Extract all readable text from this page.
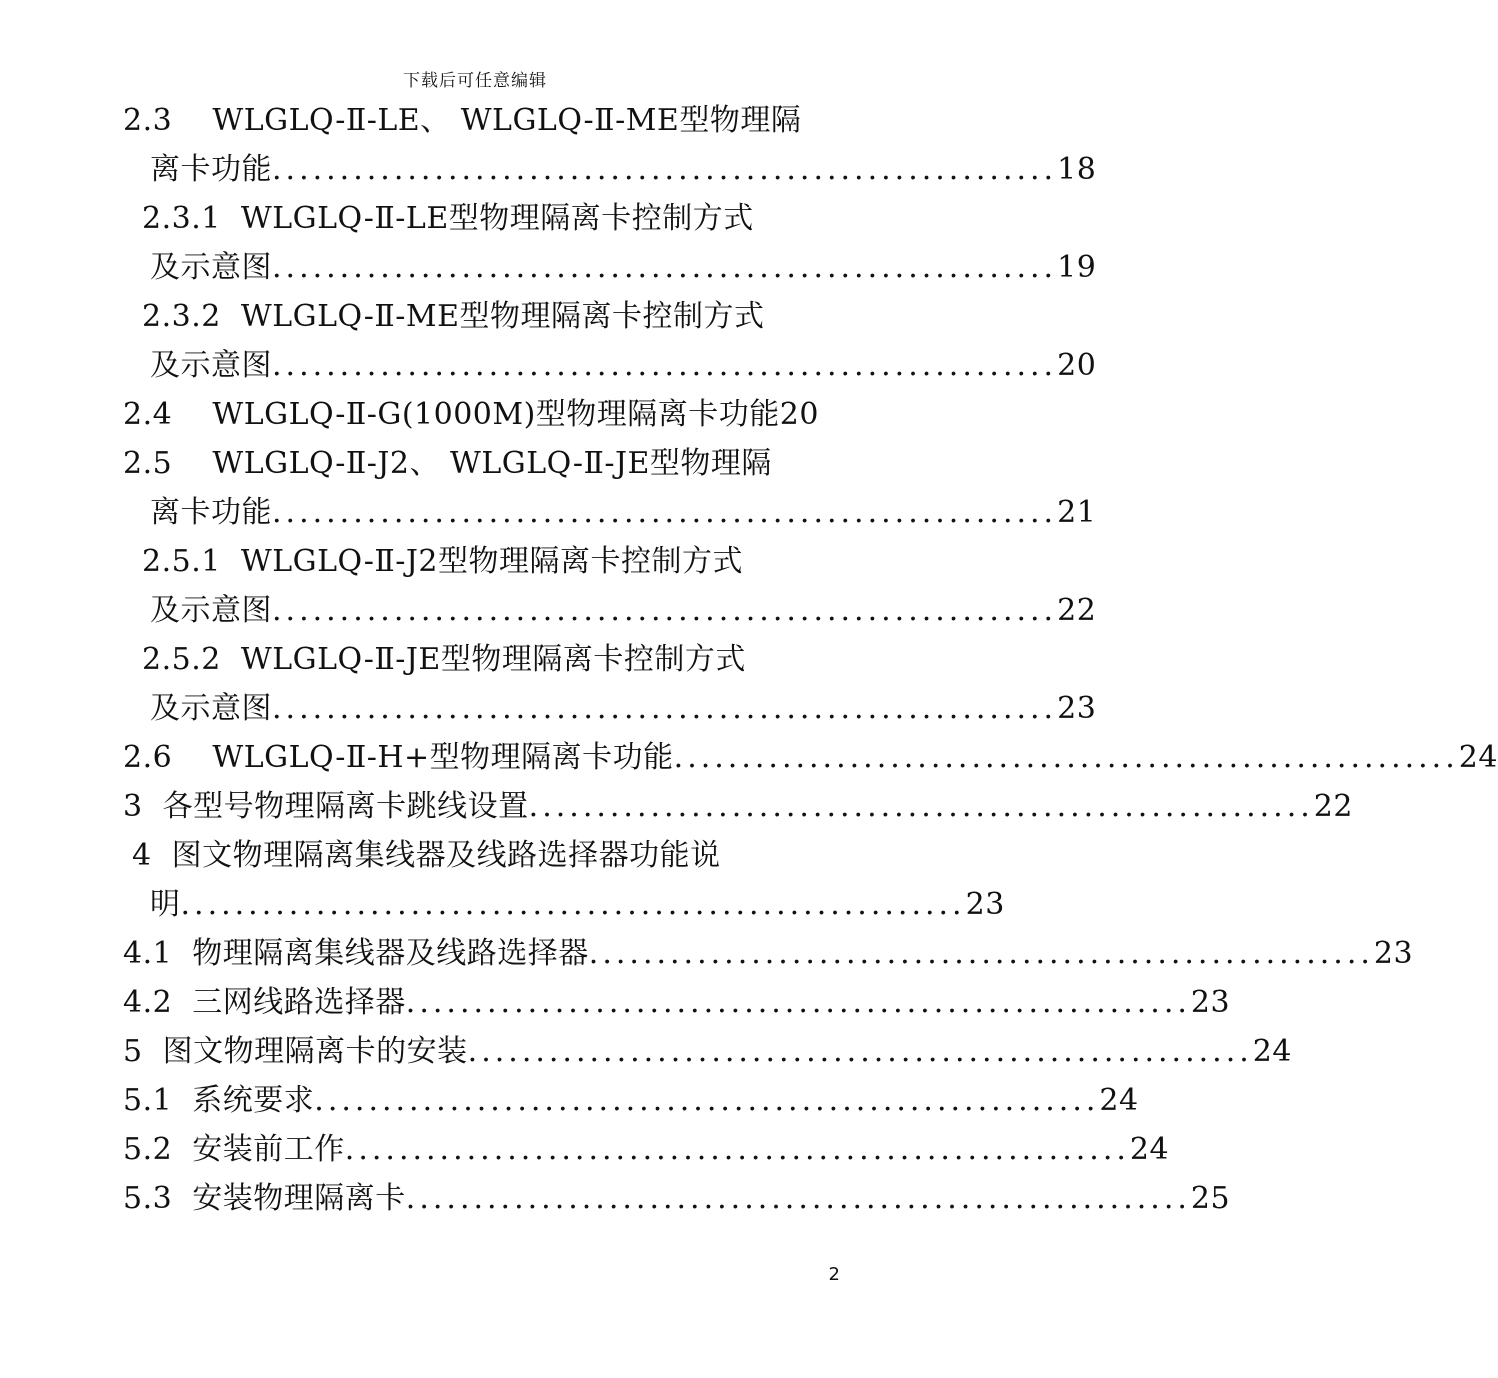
下载后可任意编辑
2.3    WLGLQ-Ⅱ-LE、 WLGLQ-Ⅱ-ME型物理隔
离卡功能 .......................................................... 18
2.3.1  WLGLQ-Ⅱ-LE型物理隔离卡控制方式
及示意图 .......................................................... 19
2.3.2  WLGLQ-Ⅱ-ME型物理隔离卡控制方式
及示意图 .......................................................... 20
2.4    WLGLQ-Ⅱ-G(1000M)型物理隔离卡功能20
2.5    WLGLQ-Ⅱ-J2、 WLGLQ-Ⅱ-JE型物理隔
离卡功能 .......................................................... 21
2.5.1  WLGLQ-Ⅱ-J2型物理隔离卡控制方式
及示意图 .......................................................... 22
2.5.2  WLGLQ-Ⅱ-JE型物理隔离卡控制方式
及示意图 .......................................................... 23
2.6    WLGLQ-Ⅱ-H+型物理隔离卡功能 .......................................................... 24
3  各型号物理隔离卡跳线设置 .......................................................... 22
4  图文物理隔离集线器及线路选择器功能说
明 .......................................................... 23
4.1  物理隔离集线器及线路选择器 .......................................................... 23
4.2  三网线路选择器 .......................................................... 23
5  图文物理隔离卡的安装 .......................................................... 24
5.1  系统要求 .......................................................... 24
5.2  安装前工作 .......................................................... 24
5.3  安装物理隔离卡 .......................................................... 25
2
